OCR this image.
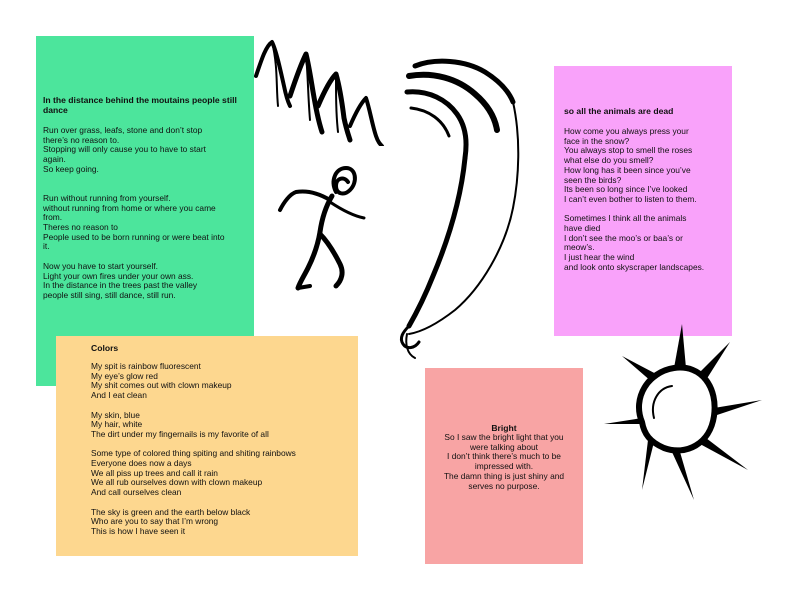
In the distance behind the moutains people still dance
Run over grass, leafs, stone and don’t stop
there’s no reason to.
Stopping will only cause you to have to start
again.
So keep going.
Run without running from yourself.
without running from home or where you came
from.
Theres no reason to
People used to be born running or were beat into
it.
Now you have to start yourself.
Light your own fires under your own ass.
In the distance in the trees past the valley
people still sing, still dance, still run.
Colors
My spit is rainbow fluorescent
My eye’s glow red
My shit comes out with clown makeup
And I eat clean
My skin, blue
My hair, white
The dirt under my fingernails is my favorite of all
Some type of colored thing spiting and shiting rainbows
Everyone does now a days
We all piss up trees and call it rain
We all rub ourselves down with clown makeup
And call ourselves clean
The sky is green and the earth below black
Who are you to say that I’m wrong
This is how I have seen it
so all the animals are dead
How come you always press your
face in the snow?
You always stop to smell the roses
what else do you smell?
How long has it been since you’ve
seen the birds?
Its been so long since I’ve looked
I can’t even bother to listen to them.
Sometimes I think all the animals
have died
I don’t see the moo’s or baa’s or
meow’s.
I just hear the wind
and look onto skyscraper landscapes.
Bright
So I saw the bright light that you
were talking about
I don’t think there’s much to be
impressed with.
The damn thing is just shiny and
serves no purpose.
